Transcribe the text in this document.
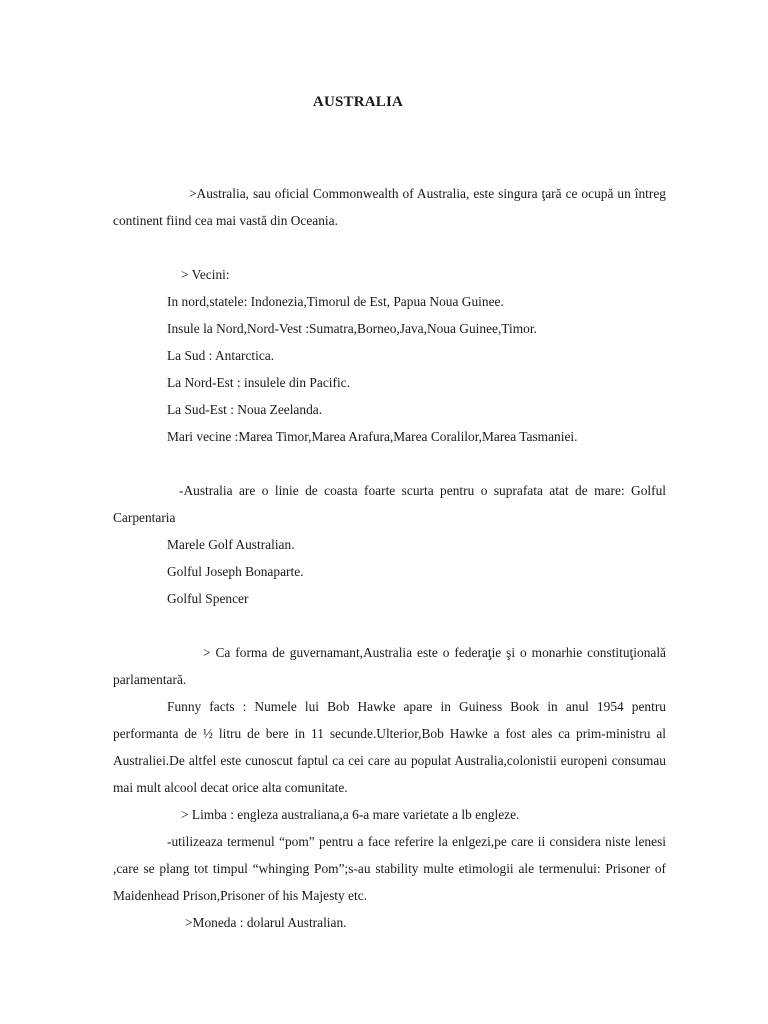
AUSTRALIA

>Australia, sau oficial Commonwealth of Australia, este singura ţară ce ocupă un întreg continent fiind cea mai vastă din Oceania.

> Vecini:

In nord,statele: Indonezia,Timorul de Est, Papua Noua Guinee.

Insule la Nord,Nord-Vest :Sumatra,Borneo,Java,Noua Guinee,Timor.

La Sud : Antarctica.

La Nord-Est : insulele din Pacific.

La Sud-Est : Noua Zeelanda.

Mari vecine :Marea Timor,Marea Arafura,Marea Coralilor,Marea Tasmaniei.

-Australia are o linie de coasta foarte scurta pentru o suprafata atat de mare: Golful Carpentaria

Marele Golf Australian.

Golful Joseph Bonaparte.

Golful Spencer

> Ca forma de guvernamant,Australia este o federaţie şi o monarhie constituţională parlamentară.

Funny facts : Numele lui Bob Hawke apare in Guiness Book in anul 1954 pentru performanta de ½ litru de bere in 11 secunde.Ulterior,Bob Hawke a fost ales ca prim-ministru al Australiei.De altfel este cunoscut faptul ca cei care au populat Australia,colonistii europeni consumau mai mult alcool decat orice alta comunitate.

> Limba : engleza australiana,a 6-a mare varietate a lb engleze.

-utilizeaza termenul “pom” pentru a face referire la enlgezi,pe care ii considera niste lenesi ,care se plang tot timpul “whinging Pom”;s-au stability multe etimologii ale termenului: Prisoner of Maidenhead Prison,Prisoner of his Majesty etc.

>Moneda : dolarul Australian.
